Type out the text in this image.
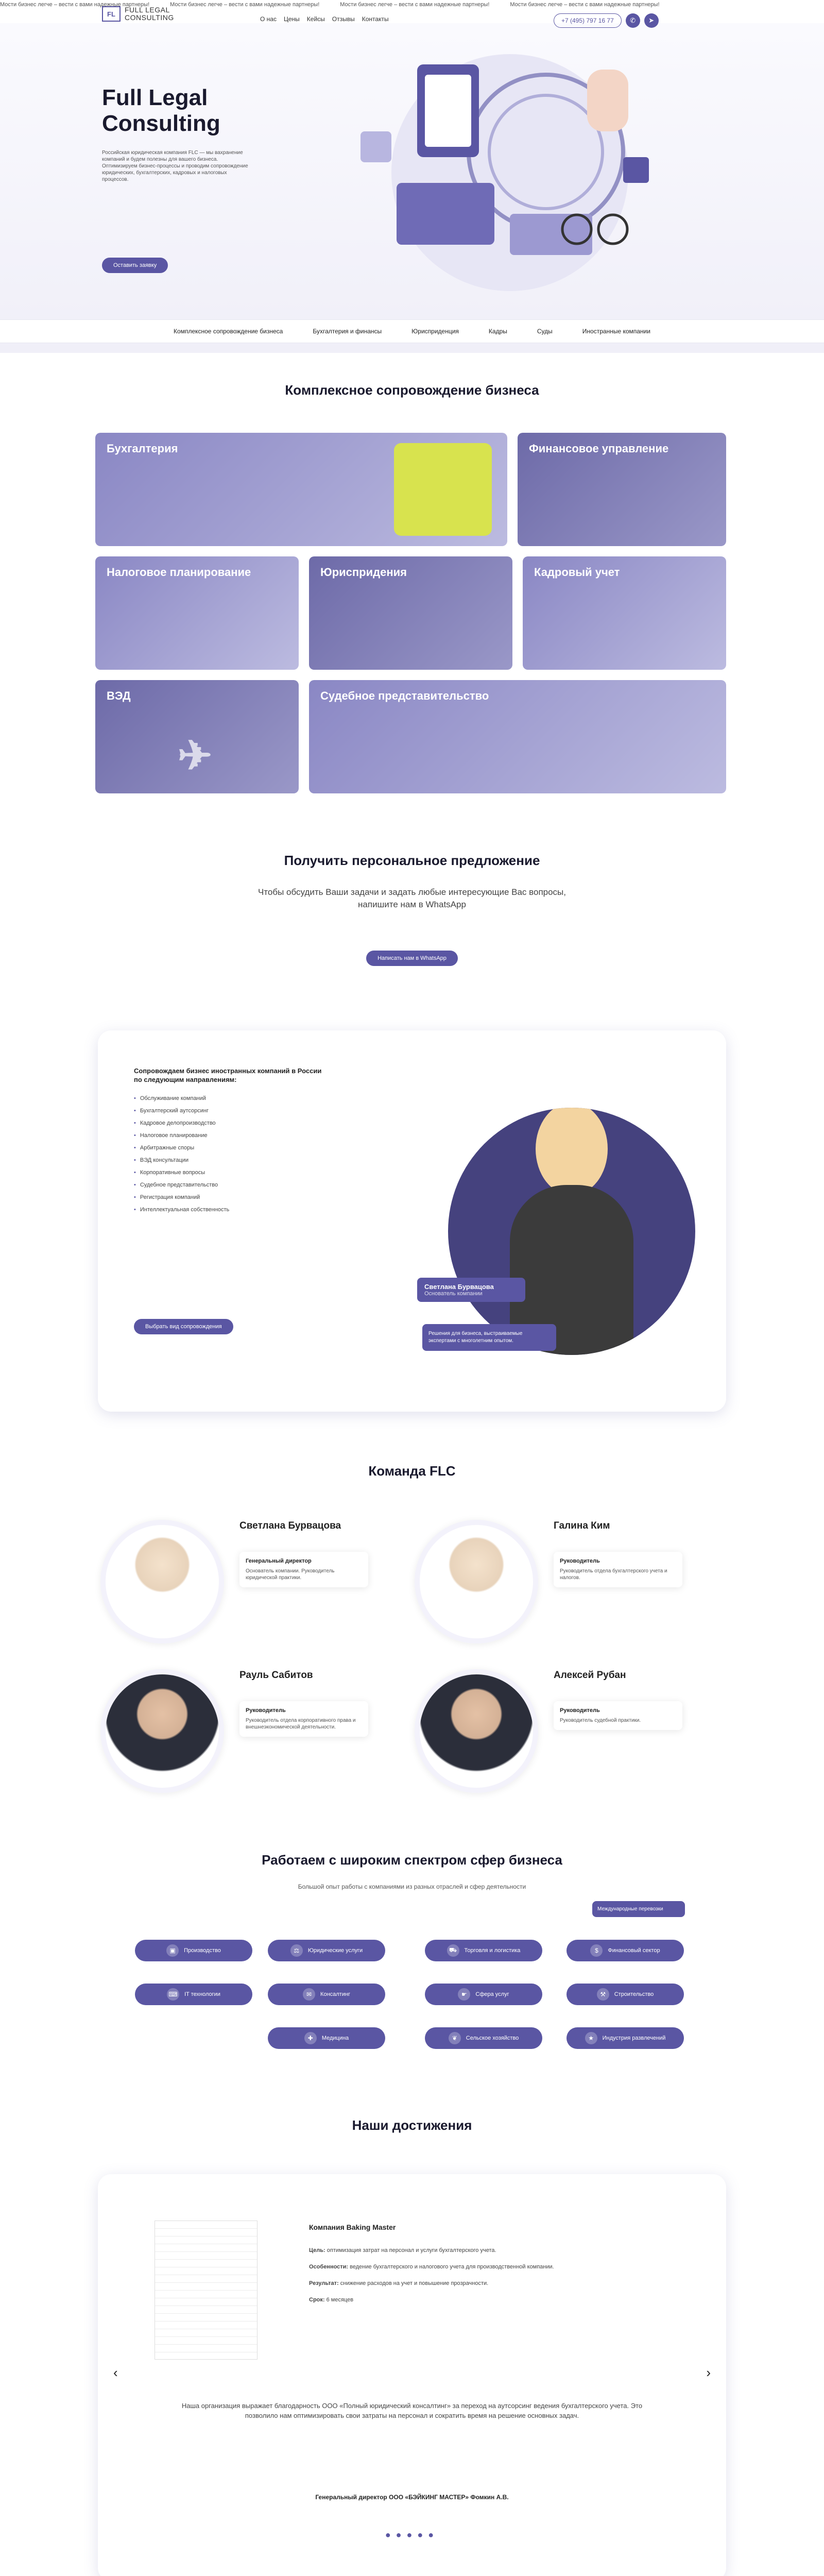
Мости бизнес легче – вести с вами надежные партнеры!	Мости бизнес легче – вести с вами надежные партнеры!	Мости бизнес легче – вести с вами надежные партнеры!	Мости бизнес легче – вести с вами надежные партнеры!
Full Legal
Consulting

Российская юридическая компания FLC — мы вахранение компаний и будем полезны для вашего бизнеса. Оптимизируем бизнес-процессы и проводим сопровождение юридических, бухгалтерских, кадровых и налоговых процессов.

Оставить заявку
FL	FULL LEGAL
CONSULTING	О нас Цены Кейсы Отзывы Контакты	+7 (495) 797 16 77	✆	➤
Комплексное сопровождение бизнеса	Бухгалтерия и финансы	Юрисприденция	Кадры	Суды	Иностранные компании
Комплексное сопровождение бизнеса
Бухгалтерия	Финансовое управление
Налоговое планирование	Юриспридения	Кадровый учет
ВЭД
✈
Судебное представительство
Получить персональное предложение
Чтобы обсудить Ваши задачи и задать любые интересующие Вас вопросы,
напишите нам в WhatsApp
Написать нам в WhatsApp
Сопровождаем бизнес иностранных компаний в России по следующим направлениям:
• Обслуживание компаний
• Бухгалтерский аутсорсинг
• Кадровое делопроизводство
• Налоговое планирование
• Арбитражные споры
• ВЭД консультации
• Корпоративные вопросы
• Судебное представительство
• Регистрация компаний
• Интеллектуальная собственность
Выбрать вид сопровождения
Светлана Бурвацова
Основатель компании
Решения для бизнеса, выстраиваемые экспертами с многолетним опытом.
Команда FLC
Светлана Бурвацова
Генеральный директор
Основатель компании. Руководитель юридической практики.
Галина Ким
Руководитель
Руководитель отдела бухгалтерского учета и налогов.
Рауль Сабитов
Руководитель
Руководитель отдела корпоративного права и внешнеэкономической деятельности.
Алексей Рубан
Руководитель
Руководитель судебной практики.
Работаем с широким спектром сфер бизнеса
Большой опыт работы с компаниями из разных отраслей и сфер деятельности
Международные перевозки
▣	Производство	⚖	Юридические услуги	⛟	Торговля и логистика	$	Финансовый сектор
⌨	IT технологии	✉	Консалтинг	☛	Сфера услуг	⚒	Строительство
✚	Медицина	❦	Сельское хозяйство	★	Индустрия развлечений
Наши достижения
Компания Baking Master

Цель: оптимизация затрат на персонал и услуги бухгалтерского учета.

Особенности: ведение бухгалтерского и налогового учета для производственной компании.

Результат: снижение расходов на учет и повышение прозрачности.

Срок: 6 месяцев

Наша организация выражает благодарность ООО «Полный юридический консалтинг» за переход на аутсорсинг ведения бухгалтерского учета. Это позволило нам оптимизировать свои затраты на персонал и сократить время на решение основных задач.
Генеральный директор ООО «БЭЙКИНГ МАСТЕР» Фомкин А.В.
●●●●●
‹	›
